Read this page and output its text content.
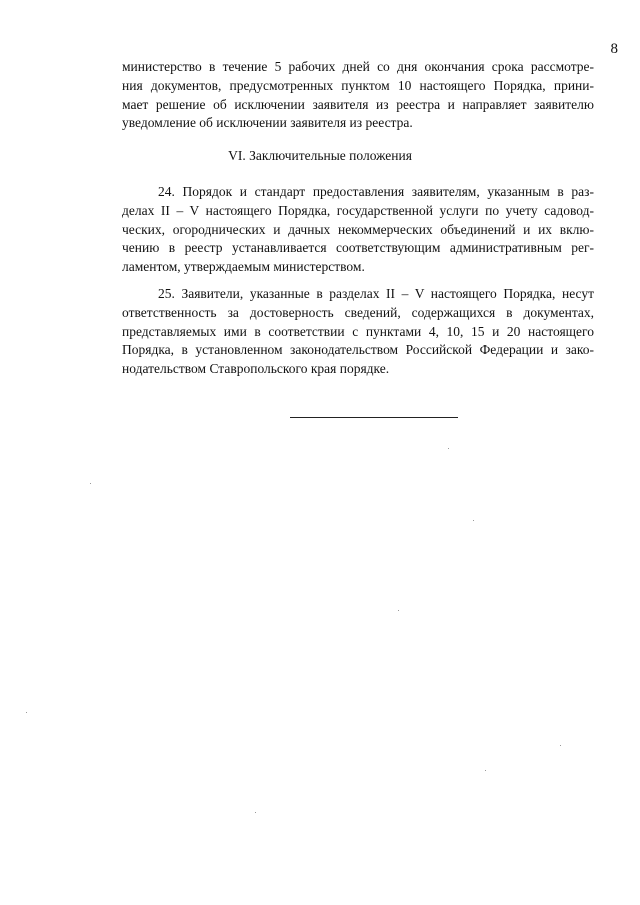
8
министерство в течение 5 рабочих дней со дня окончания срока рассмотре-
ния документов, предусмотренных пунктом 10 настоящего Порядка, прини-
мает решение об исключении заявителя из реестра и направляет заявителю
уведомление об исключении заявителя из реестра.
VI. Заключительные положения
24. Порядок и стандарт предоставления заявителям, указанным в раз-
делах II – V настоящего Порядка, государственной услуги по учету садовод-
ческих, огороднических и дачных некоммерческих объединений и их вклю-
чению в реестр устанавливается соответствующим административным рег-
ламентом, утверждаемым министерством.
25. Заявители, указанные в разделах II – V настоящего Порядка, несут
ответственность за достоверность сведений, содержащихся в документах,
представляемых ими в соответствии с пунктами 4, 10, 15 и 20 настоящего
Порядка, в установленном законодательством Российской Федерации и зако-
нодательством Ставропольского края порядке.
